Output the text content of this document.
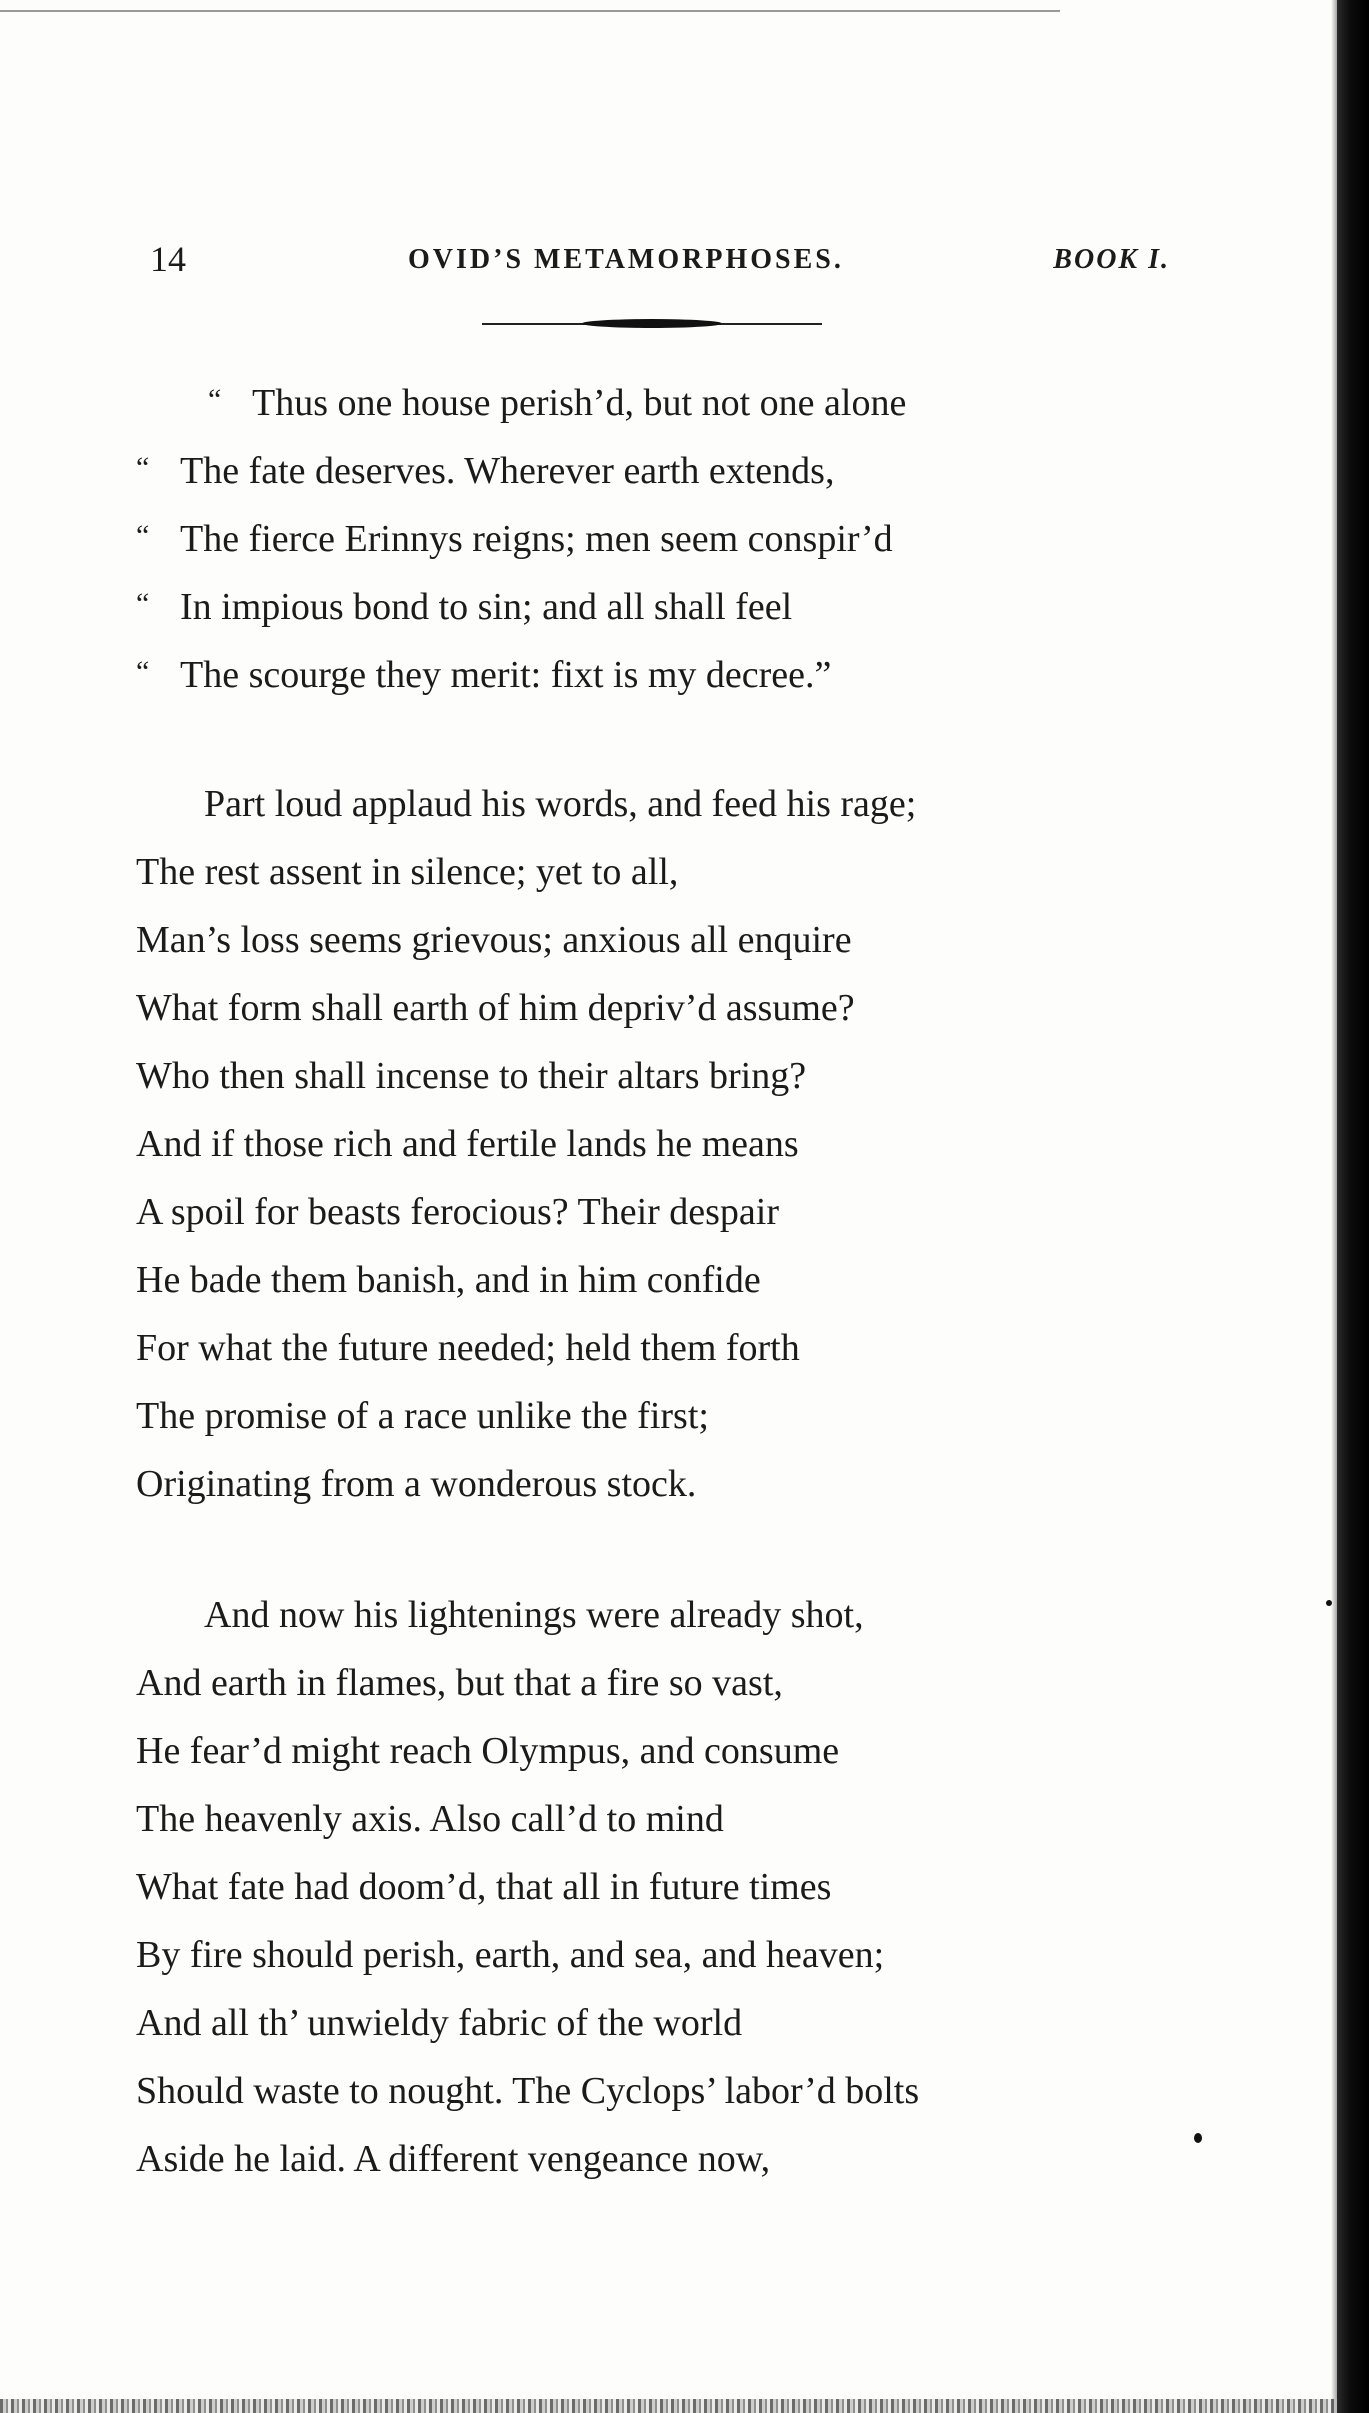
14	OVID’S METAMORPHOSES.	BOOK I.
“ Thus one house perish’d, but not one alone
“ The fate deserves. Wherever earth extends,
“ The fierce Erinnys reigns; men seem conspir’d
“ In impious bond to sin; and all shall feel
“ The scourge they merit: fixt is my decree.”
Part loud applaud his words, and feed his rage;
The rest assent in silence; yet to all,
Man’s loss seems grievous; anxious all enquire
What form shall earth of him depriv’d assume?
Who then shall incense to their altars bring?
And if those rich and fertile lands he means
A spoil for beasts ferocious? Their despair
He bade them banish, and in him confide
For what the future needed; held them forth
The promise of a race unlike the first;
Originating from a wonderous stock.
And now his lightenings were already shot,
And earth in flames, but that a fire so vast,
He fear’d might reach Olympus, and consume
The heavenly axis. Also call’d to mind
What fate had doom’d, that all in future times
By fire should perish, earth, and sea, and heaven;
And all th’ unwieldy fabric of the world
Should waste to nought. The Cyclops’ labor’d bolts
Aside he laid. A different vengeance now,
